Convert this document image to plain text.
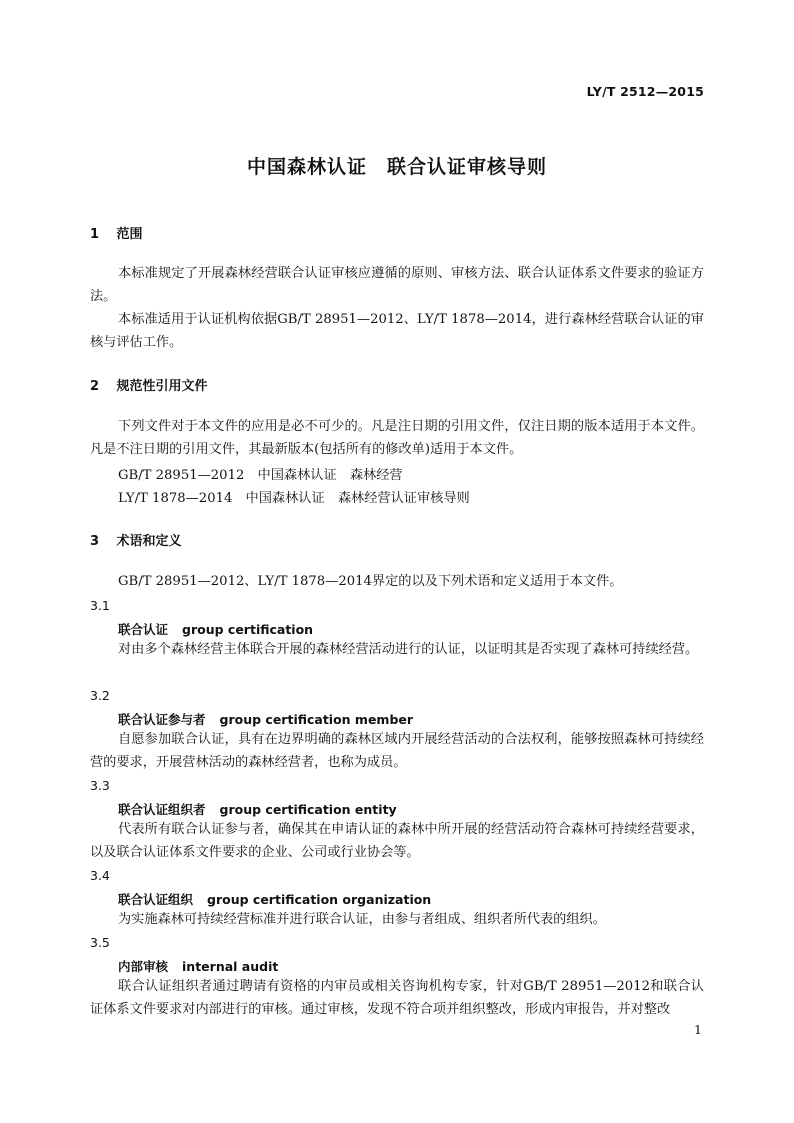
LY/T 2512—2015
中国森林认证　联合认证审核导则
1 范围

本标准规定了开展森林经营联合认证审核应遵循的原则、审核方法、联合认证体系文件要求的验证方法。

本标准适用于认证机构依据GB/T 28951—2012、LY/T 1878—2014，进行森林经营联合认证的审核与评估工作。

2 规范性引用文件

下列文件对于本文件的应用是必不可少的。凡是注日期的引用文件，仅注日期的版本适用于本文件。凡是不注日期的引用文件，其最新版本(包括所有的修改单)适用于本文件。

GB/T 28951—2012　中国森林认证　森林经营
LY/T 1878—2014　中国森林认证　森林经营认证审核导则
3 术语和定义

GB/T 28951—2012、LY/T 1878—2014界定的以及下列术语和定义适用于本文件。

3.1
联合认证 group certification

对由多个森林经营主体联合开展的森林经营活动进行的认证，以证明其是否实现了森林可持续经营。

3.2
联合认证参与者 group certification member

自愿参加联合认证，具有在边界明确的森林区域内开展经营活动的合法权利，能够按照森林可持续经营的要求，开展营林活动的森林经营者，也称为成员。

3.3
联合认证组织者 group certification entity

代表所有联合认证参与者，确保其在申请认证的森林中所开展的经营活动符合森林可持续经营要求，以及联合认证体系文件要求的企业、公司或行业协会等。

3.4
联合认证组织 group certification organization

为实施森林可持续经营标准并进行联合认证，由参与者组成、组织者所代表的组织。

3.5
内部审核 internal audit

联合认证组织者通过聘请有资格的内审员或相关咨询机构专家，针对GB/T 28951—2012和联合认证体系文件要求对内部进行的审核。通过审核，发现不符合项并组织整改，形成内审报告，并对整改

1
